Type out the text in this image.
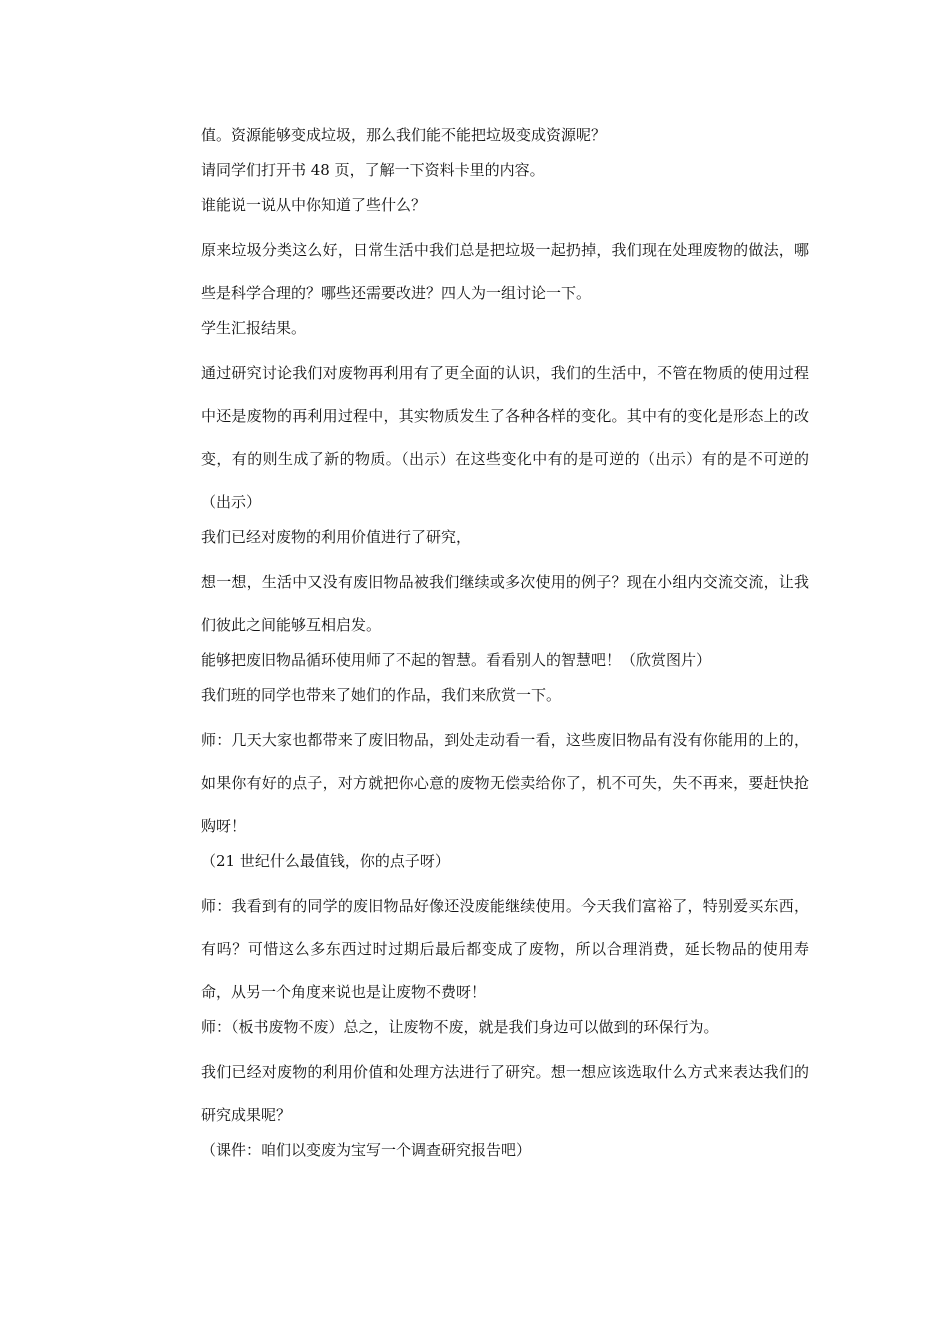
值。资源能够变成垃圾，那么我们能不能把垃圾变成资源呢？

请同学们打开书 48 页，了解一下资料卡里的内容。

谁能说一说从中你知道了些什么？

原来垃圾分类这么好，日常生活中我们总是把垃圾一起扔掉，我们现在处理废物的做法，哪些是科学合理的？哪些还需要改进？四人为一组讨论一下。

学生汇报结果。

通过研究讨论我们对废物再利用有了更全面的认识，我们的生活中，不管在物质的使用过程中还是废物的再利用过程中，其实物质发生了各种各样的变化。其中有的变化是形态上的改变，有的则生成了新的物质。（出示）在这些变化中有的是可逆的（出示）有的是不可逆的（出示）

我们已经对废物的利用价值进行了研究，

想一想，生活中又没有废旧物品被我们继续或多次使用的例子？现在小组内交流交流，让我们彼此之间能够互相启发。

能够把废旧物品循环使用师了不起的智慧。看看别人的智慧吧！（欣赏图片）

我们班的同学也带来了她们的作品，我们来欣赏一下。

师：几天大家也都带来了废旧物品，到处走动看一看，这些废旧物品有没有你能用的上的，如果你有好的点子，对方就把你心意的废物无偿卖给你了，机不可失，失不再来，要赶快抢购呀！

（21 世纪什么最值钱，你的点子呀）

师：我看到有的同学的废旧物品好像还没废能继续使用。今天我们富裕了，特别爱买东西，有吗？可惜这么多东西过时过期后最后都变成了废物，所以合理消费，延长物品的使用寿命，从另一个角度来说也是让废物不费呀！

师：（板书废物不废）总之，让废物不废，就是我们身边可以做到的环保行为。

我们已经对废物的利用价值和处理方法进行了研究。想一想应该选取什么方式来表达我们的研究成果呢？

（课件：咱们以变废为宝写一个调查研究报告吧）
